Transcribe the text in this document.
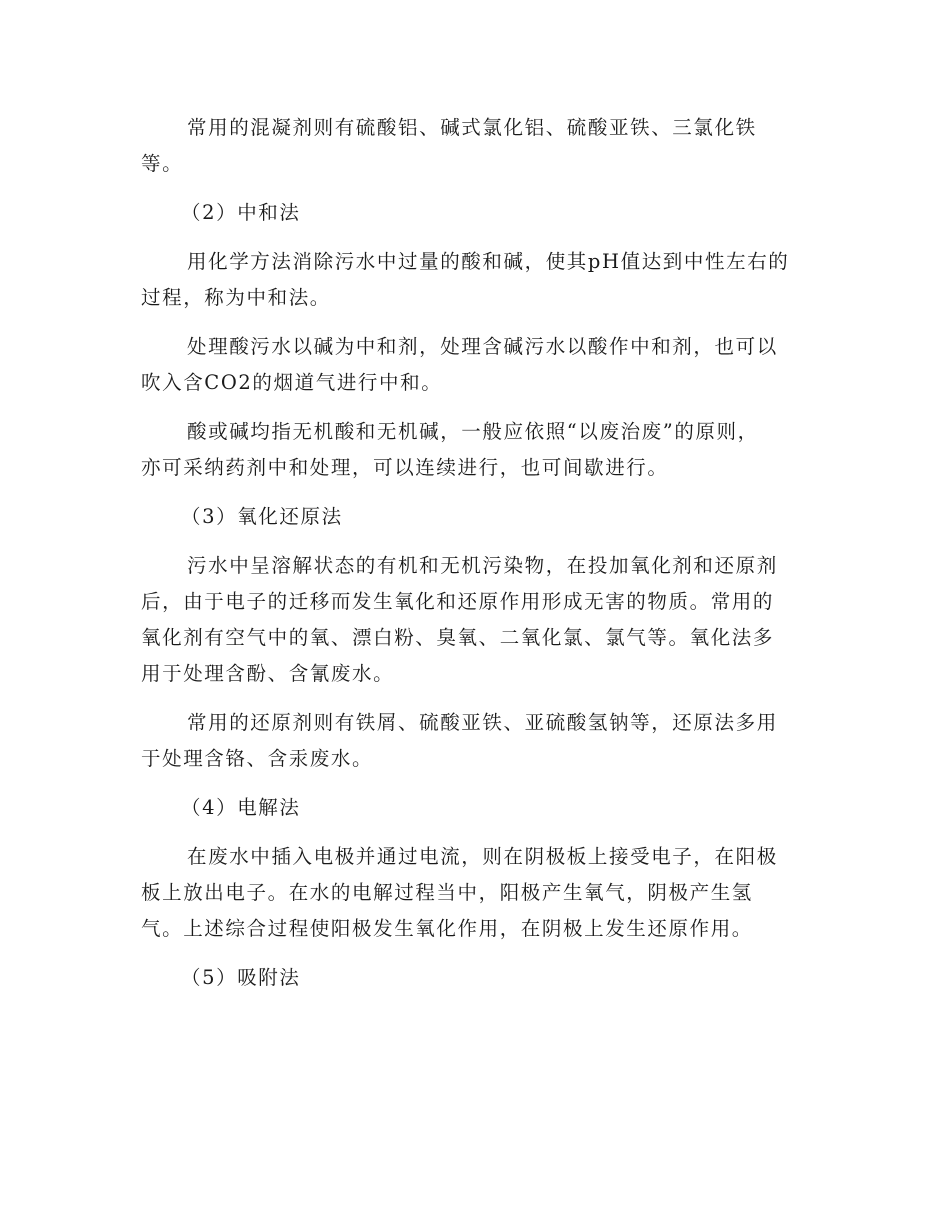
常用的混凝剂则有硫酸铝、碱式氯化铝、硫酸亚铁、三氯化铁
等。

（2）中和法

用化学方法消除污水中过量的酸和碱，使其pH值达到中性左右的
过程，称为中和法。

处理酸污水以碱为中和剂，处理含碱污水以酸作中和剂，也可以
吹入含CO2的烟道气进行中和。

酸或碱均指无机酸和无机碱，一般应依照“以废治废”的原则，
亦可采纳药剂中和处理，可以连续进行，也可间歇进行。

（3）氧化还原法

污水中呈溶解状态的有机和无机污染物，在投加氧化剂和还原剂
后，由于电子的迁移而发生氧化和还原作用形成无害的物质。常用的
氧化剂有空气中的氧、漂白粉、臭氧、二氧化氯、氯气等。氧化法多
用于处理含酚、含氰废水。

常用的还原剂则有铁屑、硫酸亚铁、亚硫酸氢钠等，还原法多用
于处理含铬、含汞废水。

（4）电解法

在废水中插入电极并通过电流，则在阴极板上接受电子，在阳极
板上放出电子。在水的电解过程当中，阳极产生氧气，阴极产生氢
气。上述综合过程使阳极发生氧化作用，在阴极上发生还原作用。

（5）吸附法
